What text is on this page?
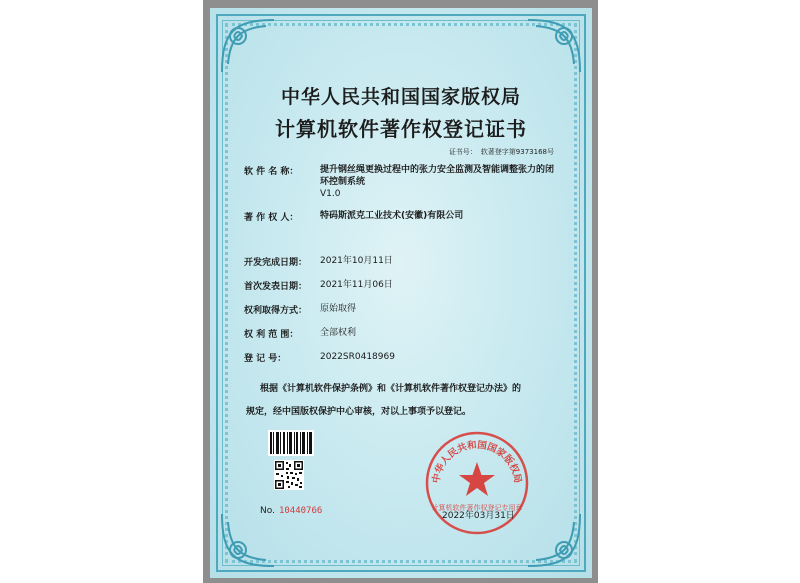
中华人民共和国国家版权局
计算机软件著作权登记证书
证书号： 软著登字第9373168号
软 件 名 称：	提升钢丝绳更换过程中的张力安全监测及智能调整张力的闭环控制系统
V1.0
著 作 权 人：	特码斯派克工业技术(安徽)有限公司
开发完成日期：	2021年10月11日
首次发表日期：	2021年11月06日
权利取得方式：	原始取得
权 利 范 围：	全部权利
登 记 号：	2022SR0418969
根据《计算机软件保护条例》和《计算机软件著作权登记办法》的
规定，经中国版权保护中心审核，对以上事项予以登记。
No. 10440766
中华人民共和国国家版权局
计算机软件著作权登记专用章
2022年03月31日
